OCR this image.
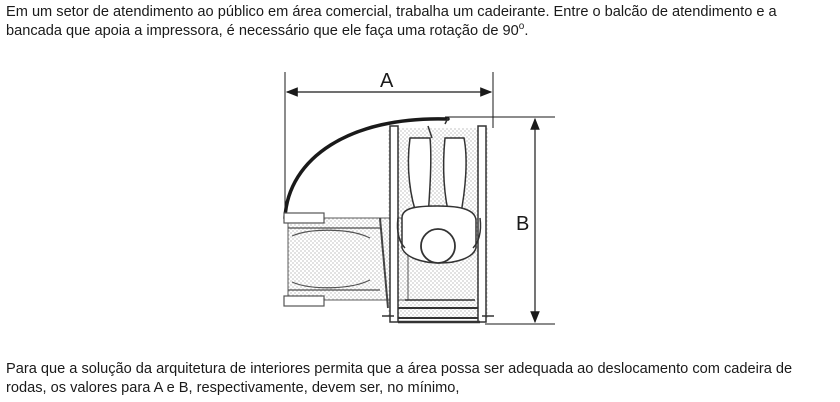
Em um setor de atendimento ao público em área comercial, trabalha um cadeirante. Entre o balcão de atendimento e a
bancada que apoia a impressora, é necessário que ele faça uma rotação de 90$^o$.
A
B
Para que a solução da arquitetura de interiores permita que a área possa ser adequada ao deslocamento com cadeira de
rodas, os valores para A e B, respectivamente, devem ser, no mínimo,
